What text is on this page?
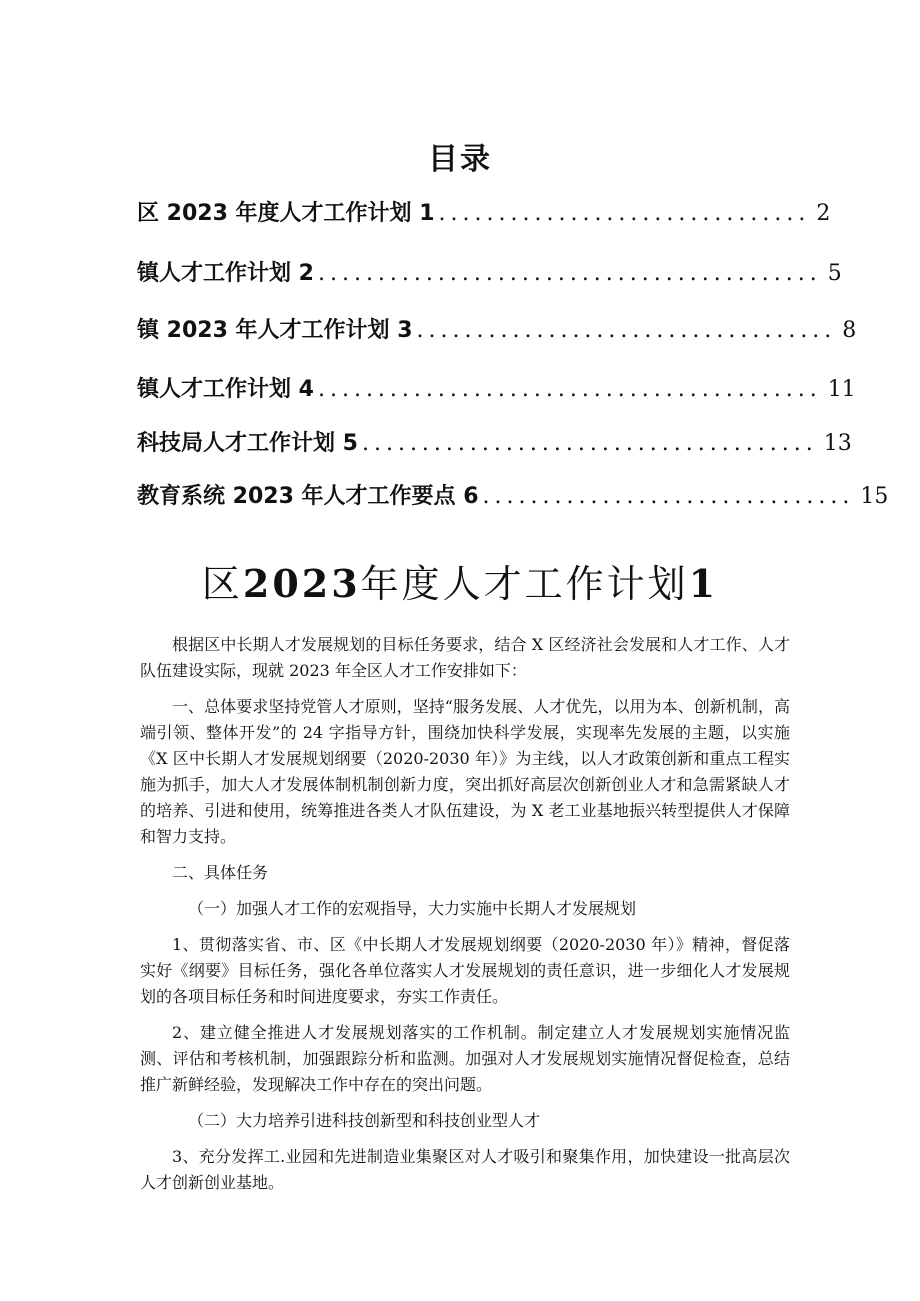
目录
区 2023 年度人才工作计划 1 ............................... 2
镇人才工作计划 2 .......................................... 5
镇 2023 年人才工作计划 3 ................................... 8
镇人才工作计划 4 .......................................... 11
科技局人才工作计划 5 ...................................... 13
教育系统 2023 年人才工作要点 6 ............................... 15
区2023年度人才工作计划1

根据区中长期人才发展规划的目标任务要求，结合 X 区经济社会发展和人才工作、人才队伍建设实际，现就 2023 年全区人才工作安排如下：

一、总体要求坚持党管人才原则，坚持“服务发展、人才优先，以用为本、创新机制，高端引领、整体开发”的 24 字指导方针，围绕加快科学发展，实现率先发展的主题，以实施《X 区中长期人才发展规划纲要（2020-2030 年）》为主线，以人才政策创新和重点工程实施为抓手，加大人才发展体制机制创新力度，突出抓好高层次创新创业人才和急需紧缺人才的培养、引进和使用，统筹推进各类人才队伍建设，为 X 老工业基地振兴转型提供人才保障和智力支持。

二、具体任务

（一）加强人才工作的宏观指导，大力实施中长期人才发展规划

1、贯彻落实省、市、区《中长期人才发展规划纲要（2020-2030 年）》精神，督促落实好《纲要》目标任务，强化各单位落实人才发展规划的责任意识，进一步细化人才发展规划的各项目标任务和时间进度要求，夯实工作责任。

2、建立健全推进人才发展规划落实的工作机制。制定建立人才发展规划实施情况监测、评估和考核机制，加强跟踪分析和监测。加强对人才发展规划实施情况督促检查，总结推广新鲜经验，发现解决工作中存在的突出问题。

（二）大力培养引进科技创新型和科技创业型人才

3、充分发挥工.业园和先进制造业集聚区对人才吸引和聚集作用，加快建设一批高层次人才创新创业基地。
